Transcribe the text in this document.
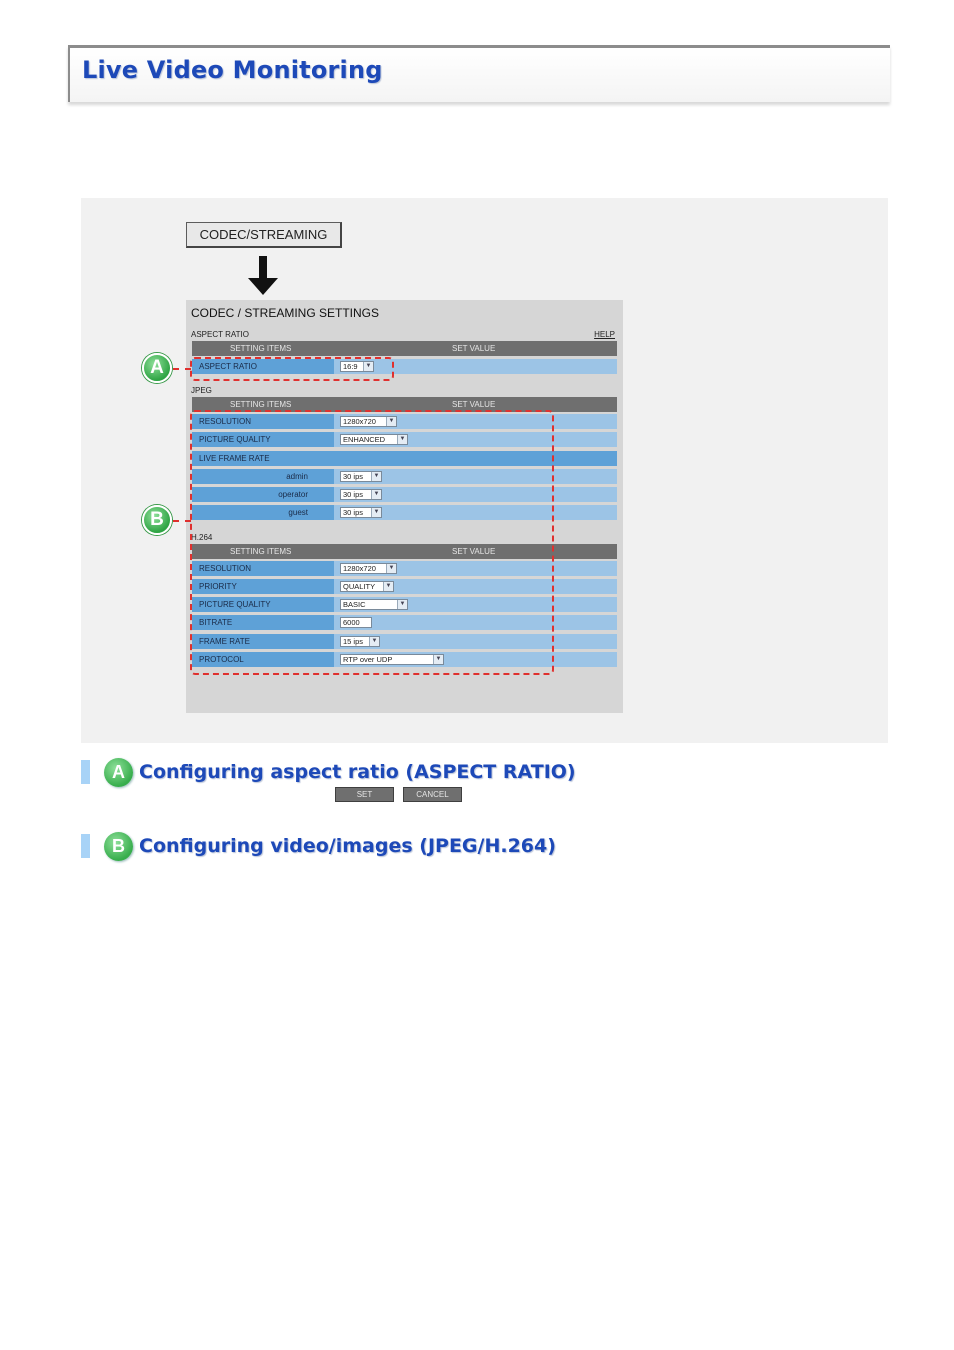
Live Video Monitoring
CODEC/STREAMING
CODEC / STREAMING SETTINGS
ASPECT RATIO	HELP
SETTING ITEMS	SET VALUE
ASPECT RATIO	16:9	▼
JPEG
SETTING ITEMS	SET VALUE
RESOLUTION	1280x720	▼
PICTURE QUALITY	ENHANCED	▼
LIVE FRAME RATE
admin	30 ips	▼
operator	30 ips	▼
guest	30 ips	▼
H.264
SETTING ITEMS	SET VALUE
RESOLUTION	1280x720	▼
PRIORITY	QUALITY	▼
PICTURE QUALITY	BASIC	▼
BITRATE	6000
FRAME RATE	15 ips	▼
PROTOCOL	RTP over UDP	▼
SET	CANCEL
A
B
A Configuring aspect ratio (ASPECT RATIO)
B Configuring video/images (JPEG/H.264)
